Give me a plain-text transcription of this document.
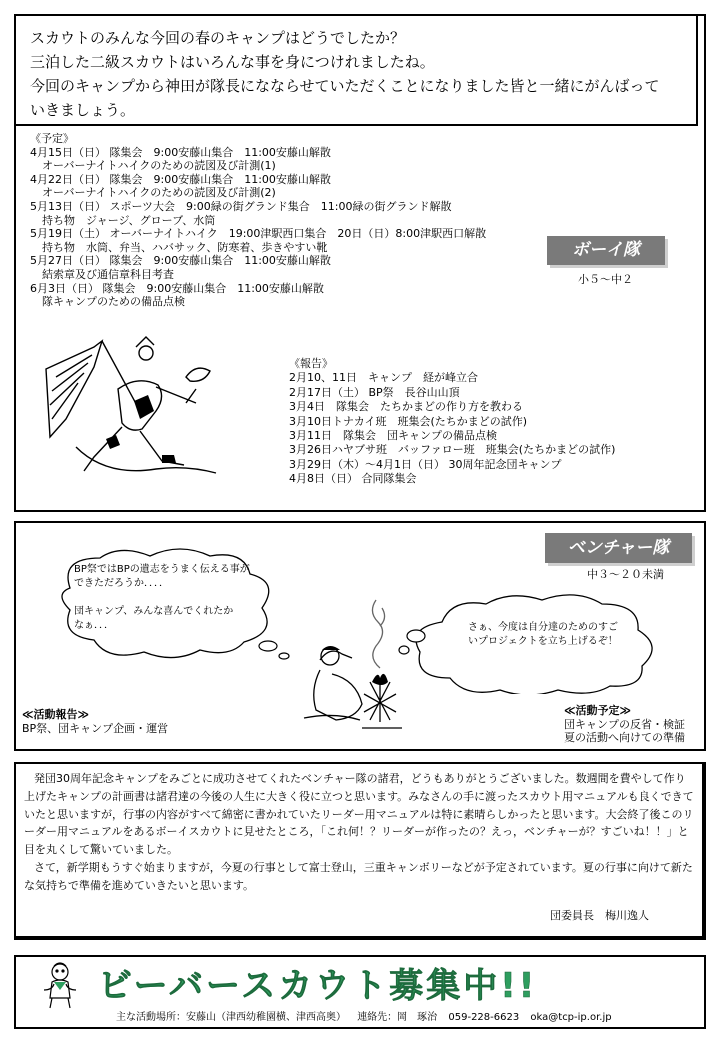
スカウトのみんな今回の春のキャンプはどうでしたか？
三泊した二級スカウトはいろんな事を身につけれましたね。
今回のキャンプから神田が隊長になならせていただくことになりました皆と一緒にがんばって
いきましょう。
《予定》
4月15日（日） 隊集会　9:00安藤山集合　11:00安藤山解散
オーバーナイトハイクのための読図及び計測(1)
4月22日（日） 隊集会　9:00安藤山集合　11:00安藤山解散
オーバーナイトハイクのための読図及び計測(2)
5月13日（日） スポーツ大会　9:00緑の街グランド集合　11:00緑の街グランド解散
持ち物　ジャージ、グローブ、水筒
5月19日（土） オーバーナイトハイク　19:00津駅西口集合　20日（日）8:00津駅西口解散
持ち物　水筒、弁当、ハバサック、防寒着、歩きやすい靴
5月27日（日） 隊集会　9:00安藤山集合　11:00安藤山解散
結索章及び通信章科目考査
6月3日（日） 隊集会　9:00安藤山集合　11:00安藤山解散
隊キャンプのための備品点検
ボーイ隊
小５～中２
《報告》
2月10、11日　キャンプ　経が峰立合
2月17日（土） BP祭　長谷山山頂
3月4日　隊集会　たちかまどの作り方を教わる
3月10日トナカイ班　班集会(たちかまどの試作)
3月11日　隊集会　団キャンプの備品点検
3月26日ハヤブサ班　バッファロー班　班集会(たちかまどの試作)
3月29日（木）～4月1日（日） 30周年記念団キャンプ
4月8日（日） 合同隊集会
ベンチャー隊
中３～２０未満
BP祭ではBPの遺志をうまく伝える事が
できただろうか．．．．
団キャンプ、みんな喜んでくれたか
なぁ．．．	さぁ、今度は自分達のためのすご
いプロジェクトを立ち上げるぞ！
≪活動報告≫
BP祭、団キャンプ企画・運営
≪活動予定≫
団キャンプの反省・検証
夏の活動へ向けての準備

発団30周年記念キャンプをみごとに成功させてくれたベンチャー隊の諸君，どうもありがとうございました。数週間を費やして作り上げたキャンプの計画書は諸君達の今後の人生に大きく役に立つと思います。みなさんの手に渡ったスカウト用マニュアルも良くできていたと思いますが，行事の内容がすべて綿密に書かれていたリーダー用マニュアルは特に素晴らしかったと思います。大会終了後このリーダー用マニュアルをあるボーイスカウトに見せたところ，「これ何！？リーダーが作ったの？えっ，ベンチャーが？すごいね！！」と目を丸くして驚いていました。

さて，新学期もうすぐ始まりますが，今夏の行事として富士登山，三重キャンボリーなどが予定されています。夏の行事に向けて新たな気持ちで準備を進めていきたいと思います。

団委員長　梅川逸人
ビーバースカウト募集中!!
主な活動場所：安藤山（津西幼稚園横、津西高奥） 連絡先：岡　琢治 059-228-6623 oka@tcp-ip.or.jp
